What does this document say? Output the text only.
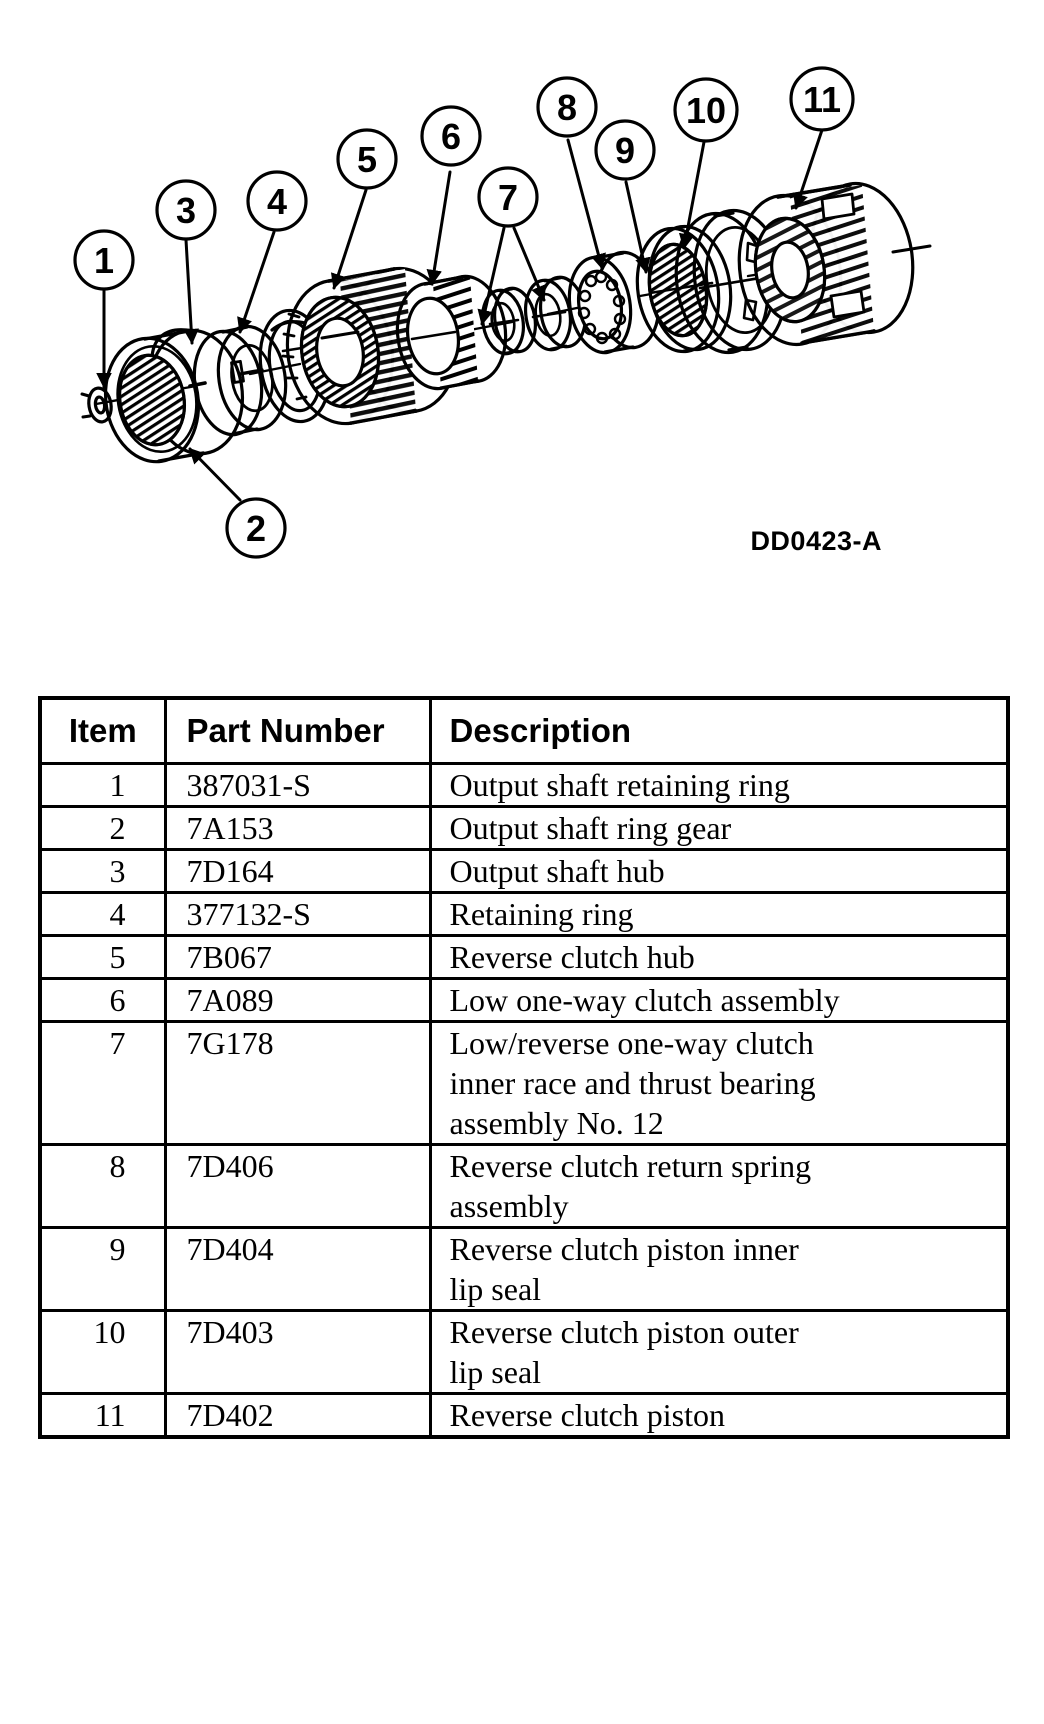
1
2
3 4
5
6
7
8
9
10 11
DD0423-A
Item	Part Number	Description
1	387031-S	Output shaft retaining ring

2	7A153	Output shaft ring gear

3	7D164	Output shaft hub

4	377132-S	Retaining ring

5	7B067	Reverse clutch hub

6	7A089	Low one-way clutch assembly

7	7G178	Low/reverse one-way clutch
inner race and thrust bearing
assembly No. 12

8	7D406	Reverse clutch return spring
assembly

9	7D404	Reverse clutch piston inner
lip seal

10	7D403	Reverse clutch piston outer
lip seal

11	7D402	Reverse clutch piston
